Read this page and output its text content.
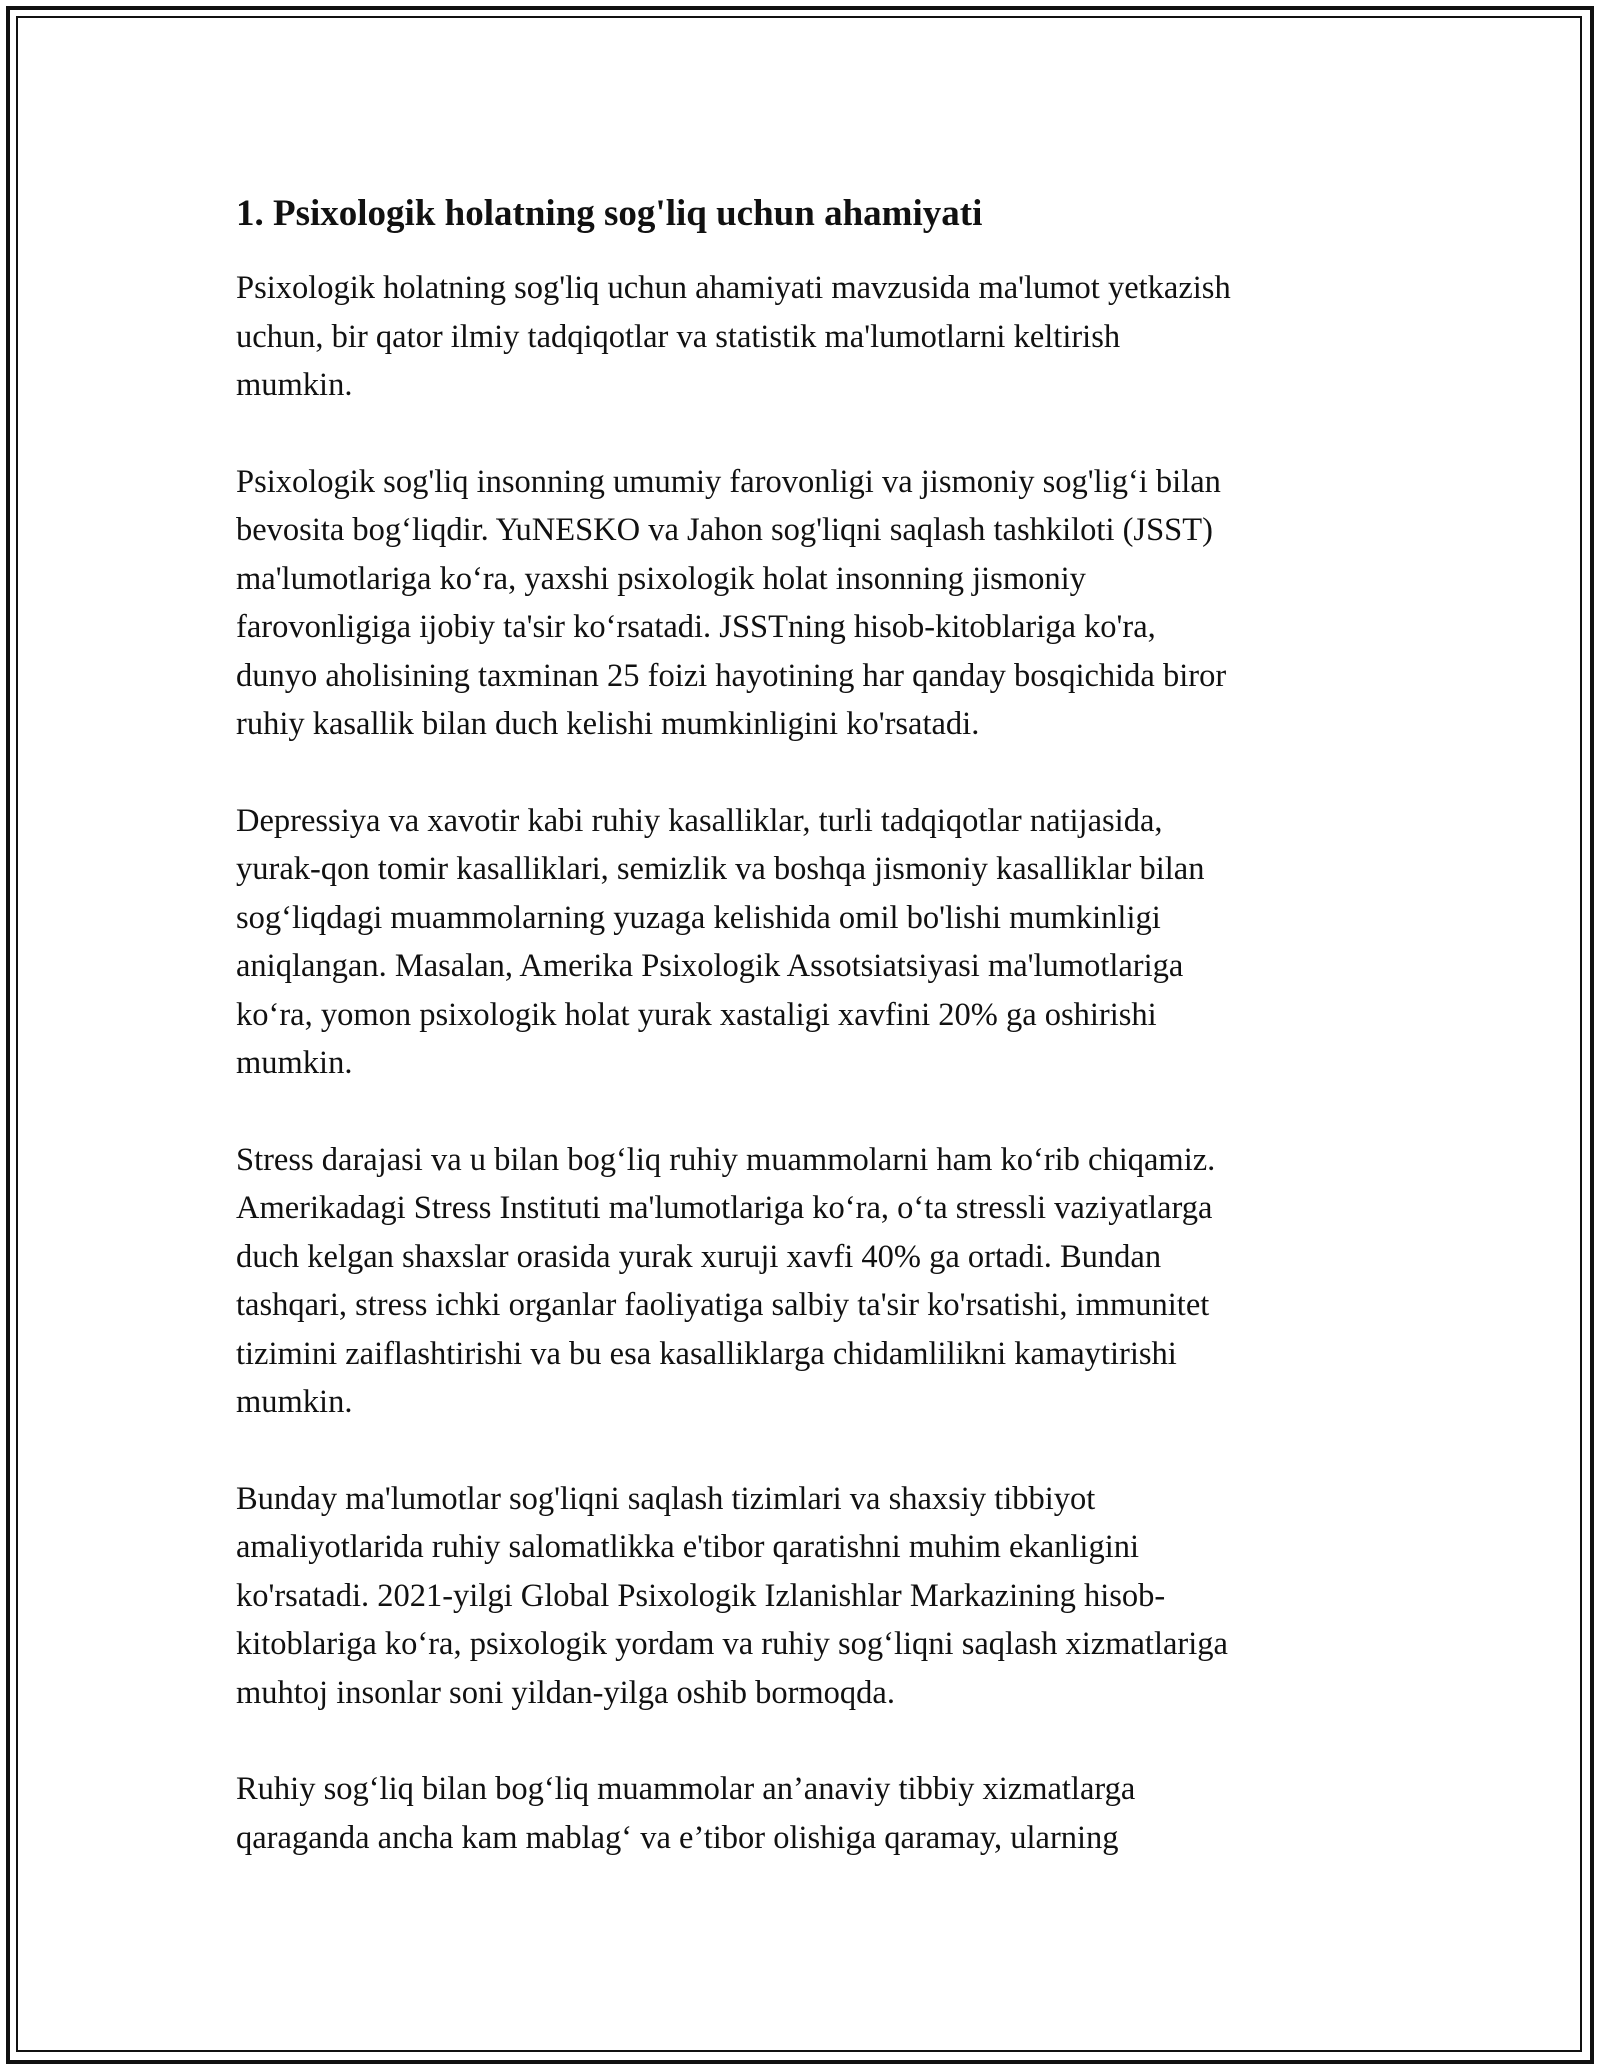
1. Psixologik holatning sog'liq uchun ahamiyati

Psixologik holatning sog'liq uchun ahamiyati mavzusida ma'lumot yetkazish
uchun, bir qator ilmiy tadqiqotlar va statistik ma'lumotlarni keltirish
mumkin.

Psixologik sog'liq insonning umumiy farovonligi va jismoniy sog'lig‘i bilan
bevosita bog‘liqdir. YuNESKO va Jahon sog'liqni saqlash tashkiloti (JSST)
ma'lumotlariga ko‘ra, yaxshi psixologik holat insonning jismoniy
farovonligiga ijobiy ta'sir ko‘rsatadi. JSSTning hisob-kitoblariga ko'ra,
dunyo aholisining taxminan 25 foizi hayotining har qanday bosqichida biror
ruhiy kasallik bilan duch kelishi mumkinligini ko'rsatadi.

Depressiya va xavotir kabi ruhiy kasalliklar, turli tadqiqotlar natijasida,
yurak-qon tomir kasalliklari, semizlik va boshqa jismoniy kasalliklar bilan
sog‘liqdagi muammolarning yuzaga kelishida omil bo'lishi mumkinligi
aniqlangan. Masalan, Amerika Psixologik Assotsiatsiyasi ma'lumotlariga
ko‘ra, yomon psixologik holat yurak xastaligi xavfini 20% ga oshirishi
mumkin.

Stress darajasi va u bilan bog‘liq ruhiy muammolarni ham ko‘rib chiqamiz.
Amerikadagi Stress Instituti ma'lumotlariga ko‘ra, o‘ta stressli vaziyatlarga
duch kelgan shaxslar orasida yurak xuruji xavfi 40% ga ortadi. Bundan
tashqari, stress ichki organlar faoliyatiga salbiy ta'sir ko'rsatishi, immunitet
tizimini zaiflashtirishi va bu esa kasalliklarga chidamlilikni kamaytirishi
mumkin.

Bunday ma'lumotlar sog'liqni saqlash tizimlari va shaxsiy tibbiyot
amaliyotlarida ruhiy salomatlikka e'tibor qaratishni muhim ekanligini
ko'rsatadi. 2021-yilgi Global Psixologik Izlanishlar Markazining hisob-
kitoblariga ko‘ra, psixologik yordam va ruhiy sog‘liqni saqlash xizmatlariga
muhtoj insonlar soni yildan-yilga oshib bormoqda.

Ruhiy sog‘liq bilan bog‘liq muammolar an’anaviy tibbiy xizmatlarga
qaraganda ancha kam mablag‘ va e’tibor olishiga qaramay, ularning
